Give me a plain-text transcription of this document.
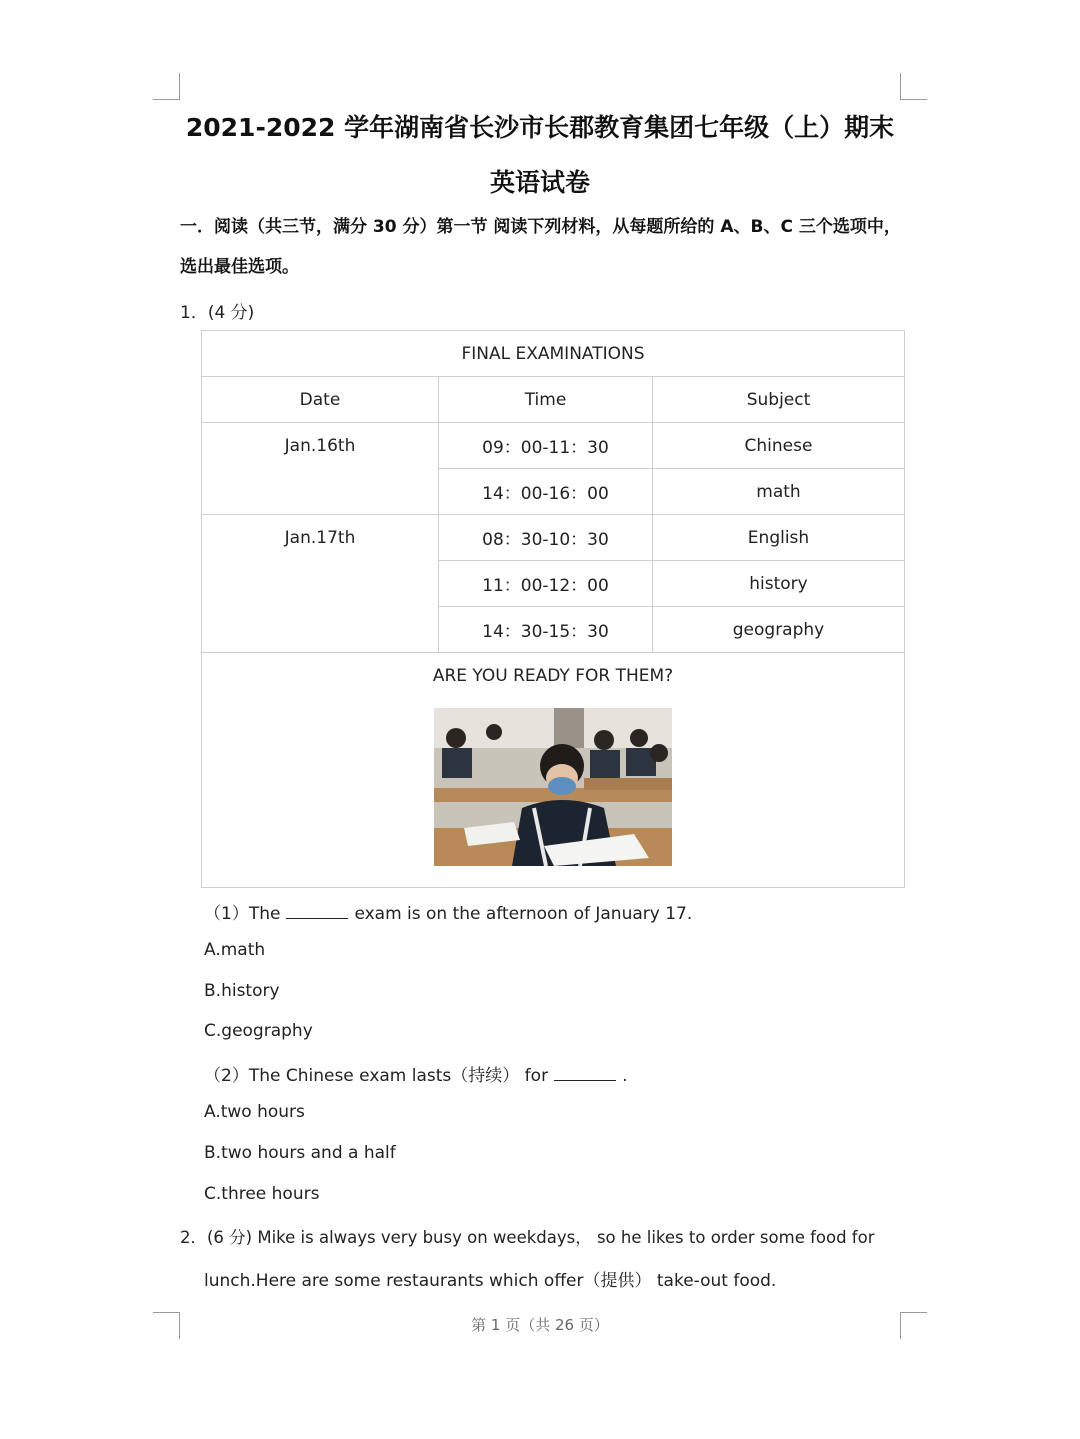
2021-2022 学年湖南省长沙市长郡教育集团七年级（上）期末
英语试卷
一．阅读（共三节，满分 30 分）第一节 阅读下列材料，从每题所给的 A、B、C 三个选项中，选出最佳选项。
1．(4 分)
FINAL EXAMINATIONS		
Date	Time	Subject
Jan.16th	09：00-11：30	Chinese
	14：00-16：00	math
Jan.17th	08：30-10：30	English
	11：00-12：00	history
	14：30-15：30	geography

ARE YOU READY FOR THEM?		
（1）The	exam is on the afternoon of January 17.
A.math
B.history
C.geography
（2）The Chinese exam lasts（持续） for	.
A.two hours
B.two hours and a half
C.three hours
2．(6 分) Mike is always very busy on weekdays， so he likes to order some food for
lunch.Here are some restaurants which offer（提供） take-out food.
第 1 页（共 26 页）
